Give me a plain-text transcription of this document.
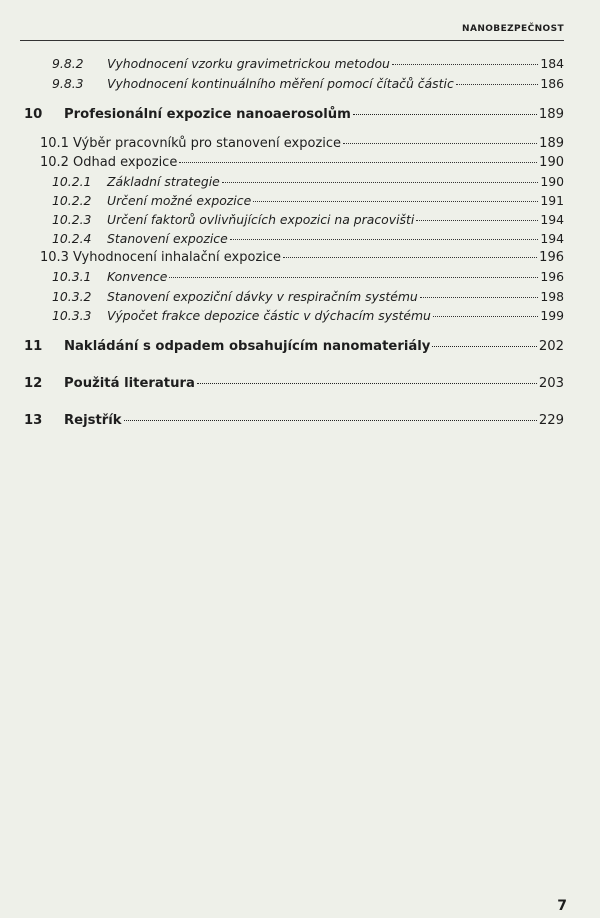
NANOBEZPEČNOST
9.8.2	Vyhodnocení vzorku gravimetrickou metodou	184
9.8.3	Vyhodnocení kontinuálního měření pomocí čítačů částic	186
10	Profesionální expozice nanoaerosolům	189
10.1 Výběr pracovníků pro stanovení expozice	189
10.2 Odhad expozice	190
10.2.1	Základní strategie	190
10.2.2	Určení možné expozice	191
10.2.3	Určení faktorů ovlivňujících expozici na pracovišti	194
10.2.4	Stanovení expozice	194
10.3 Vyhodnocení inhalační expozice	196
10.3.1	Konvence	196
10.3.2	Stanovení expoziční dávky v respiračním systému	198
10.3.3	Výpočet frakce depozice částic v dýchacím systému	199
11	Nakládání s odpadem obsahujícím nanomateriály	202
12	Použitá literatura	203
13	Rejstřík	229
7
